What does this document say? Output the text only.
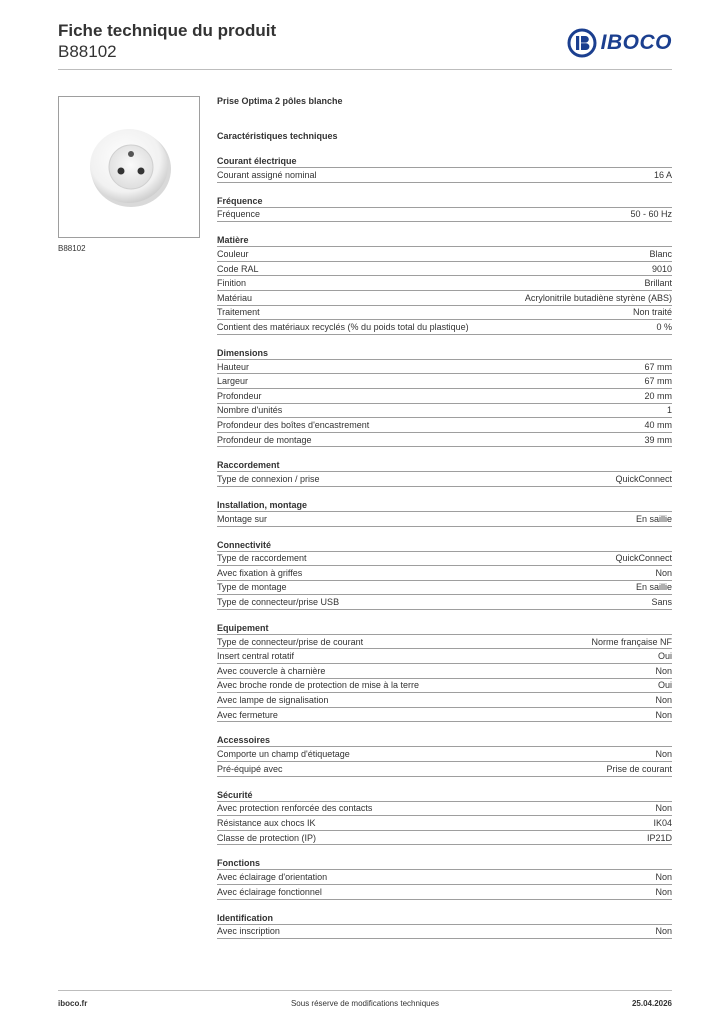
Fiche technique du produit
B88102	IBOCO
B88102
Prise Optima 2 pôles blanche
Caractéristiques techniques
Courant électrique
Courant assigné nominal	16 A
Fréquence
Fréquence	50 - 60 Hz
Matière
Couleur	Blanc
Code RAL	9010
Finition	Brillant
Matériau	Acrylonitrile butadiène styrène (ABS)
Traitement	Non traité
Contient des matériaux recyclés (% du poids total du plastique)	0 %
Dimensions
Hauteur	67 mm
Largeur	67 mm
Profondeur	20 mm
Nombre d'unités	1
Profondeur des boîtes d'encastrement	40 mm
Profondeur de montage	39 mm
Raccordement
Type de connexion / prise	QuickConnect
Installation, montage
Montage sur	En saillie
Connectivité
Type de raccordement	QuickConnect
Avec fixation à griffes	Non
Type de montage	En saillie
Type de connecteur/prise USB	Sans
Equipement
Type de connecteur/prise de courant	Norme française NF
Insert central rotatif	Oui
Avec couvercle à charnière	Non
Avec broche ronde de protection de mise à la terre	Oui
Avec lampe de signalisation	Non
Avec fermeture	Non
Accessoires
Comporte un champ d'étiquetage	Non
Pré-équipé avec	Prise de courant
Sécurité
Avec protection renforcée des contacts	Non
Résistance aux chocs IK	IK04
Classe de protection (IP)	IP21D
Fonctions
Avec éclairage d'orientation	Non
Avec éclairage fonctionnel	Non
Identification
Avec inscription	Non
iboco.fr	Sous réserve de modifications techniques	25.04.2026
